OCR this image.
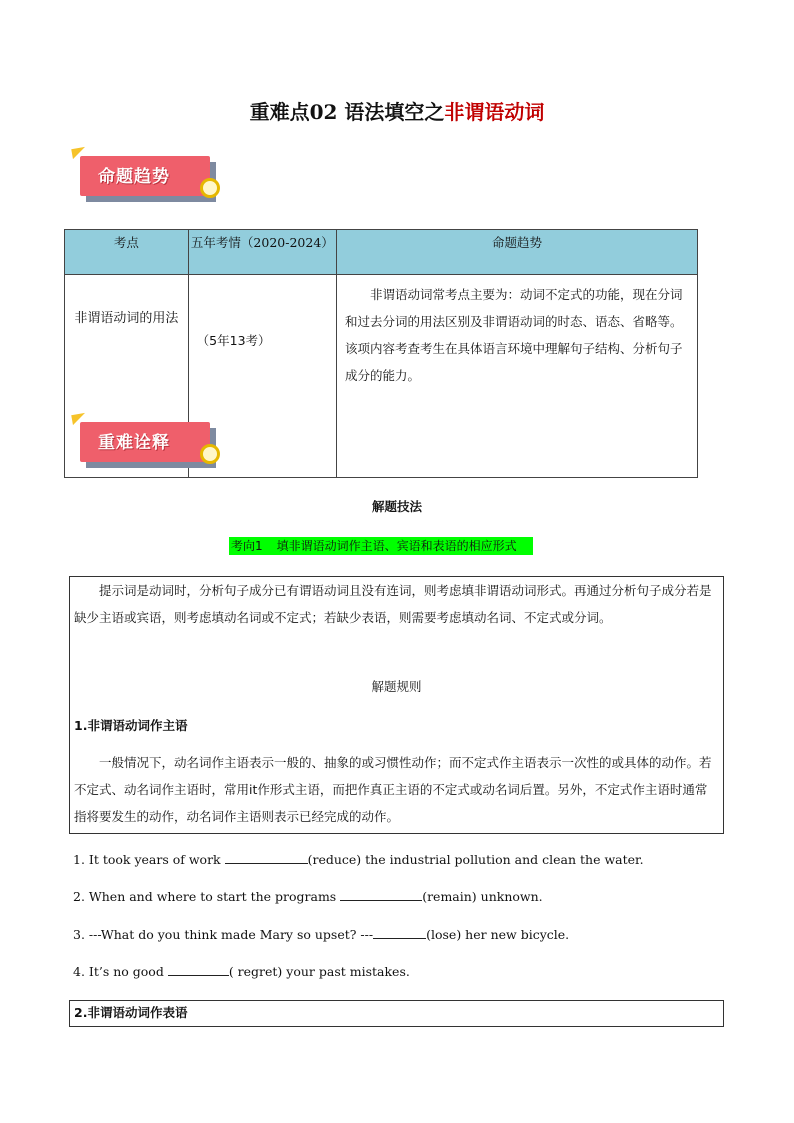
重难点02 语法填空之非谓语动词
命题趋势
考点	五年考情（2020-2024）	命题趋势
非谓语动词的用法	（5年13考）	非谓语动词常考点主要为：动词不定式的功能，现在分词和过去分词的用法区别及非谓语动词的时态、语态、省略等。该项内容考查考生在具体语言环境中理解句子结构、分析句子成分的能力。
重难诠释
解题技法
考向1 填非谓语动词作主语、宾语和表语的相应形式
提示词是动词时，分析句子成分已有谓语动词且没有连词，则考虑填非谓语动词形式。再通过分析句子成分若是缺少主语或宾语，则考虑填动名词或不定式；若缺少表语，则需要考虑填动名词、不定式或分词。
解题规则
1.非谓语动词作主语
一般情况下，动名词作主语表示一般的、抽象的或习惯性动作；而不定式作主语表示一次性的或具体的动作。若不定式、动名词作主语时，常用it作形式主语，而把作真正主语的不定式或动名词后置。另外，不定式作主语时通常指将要发生的动作，动名词作主语则表示已经完成的动作。
1. It took years of work	(reduce) the industrial pollution and clean the water.
2. When and where to start the programs	(remain) unknown.
3. ---What do you think made Mary so upset? ---	(lose) her new bicycle.
4. It’s no good	( regret) your past mistakes.
2.非谓语动词作表语
